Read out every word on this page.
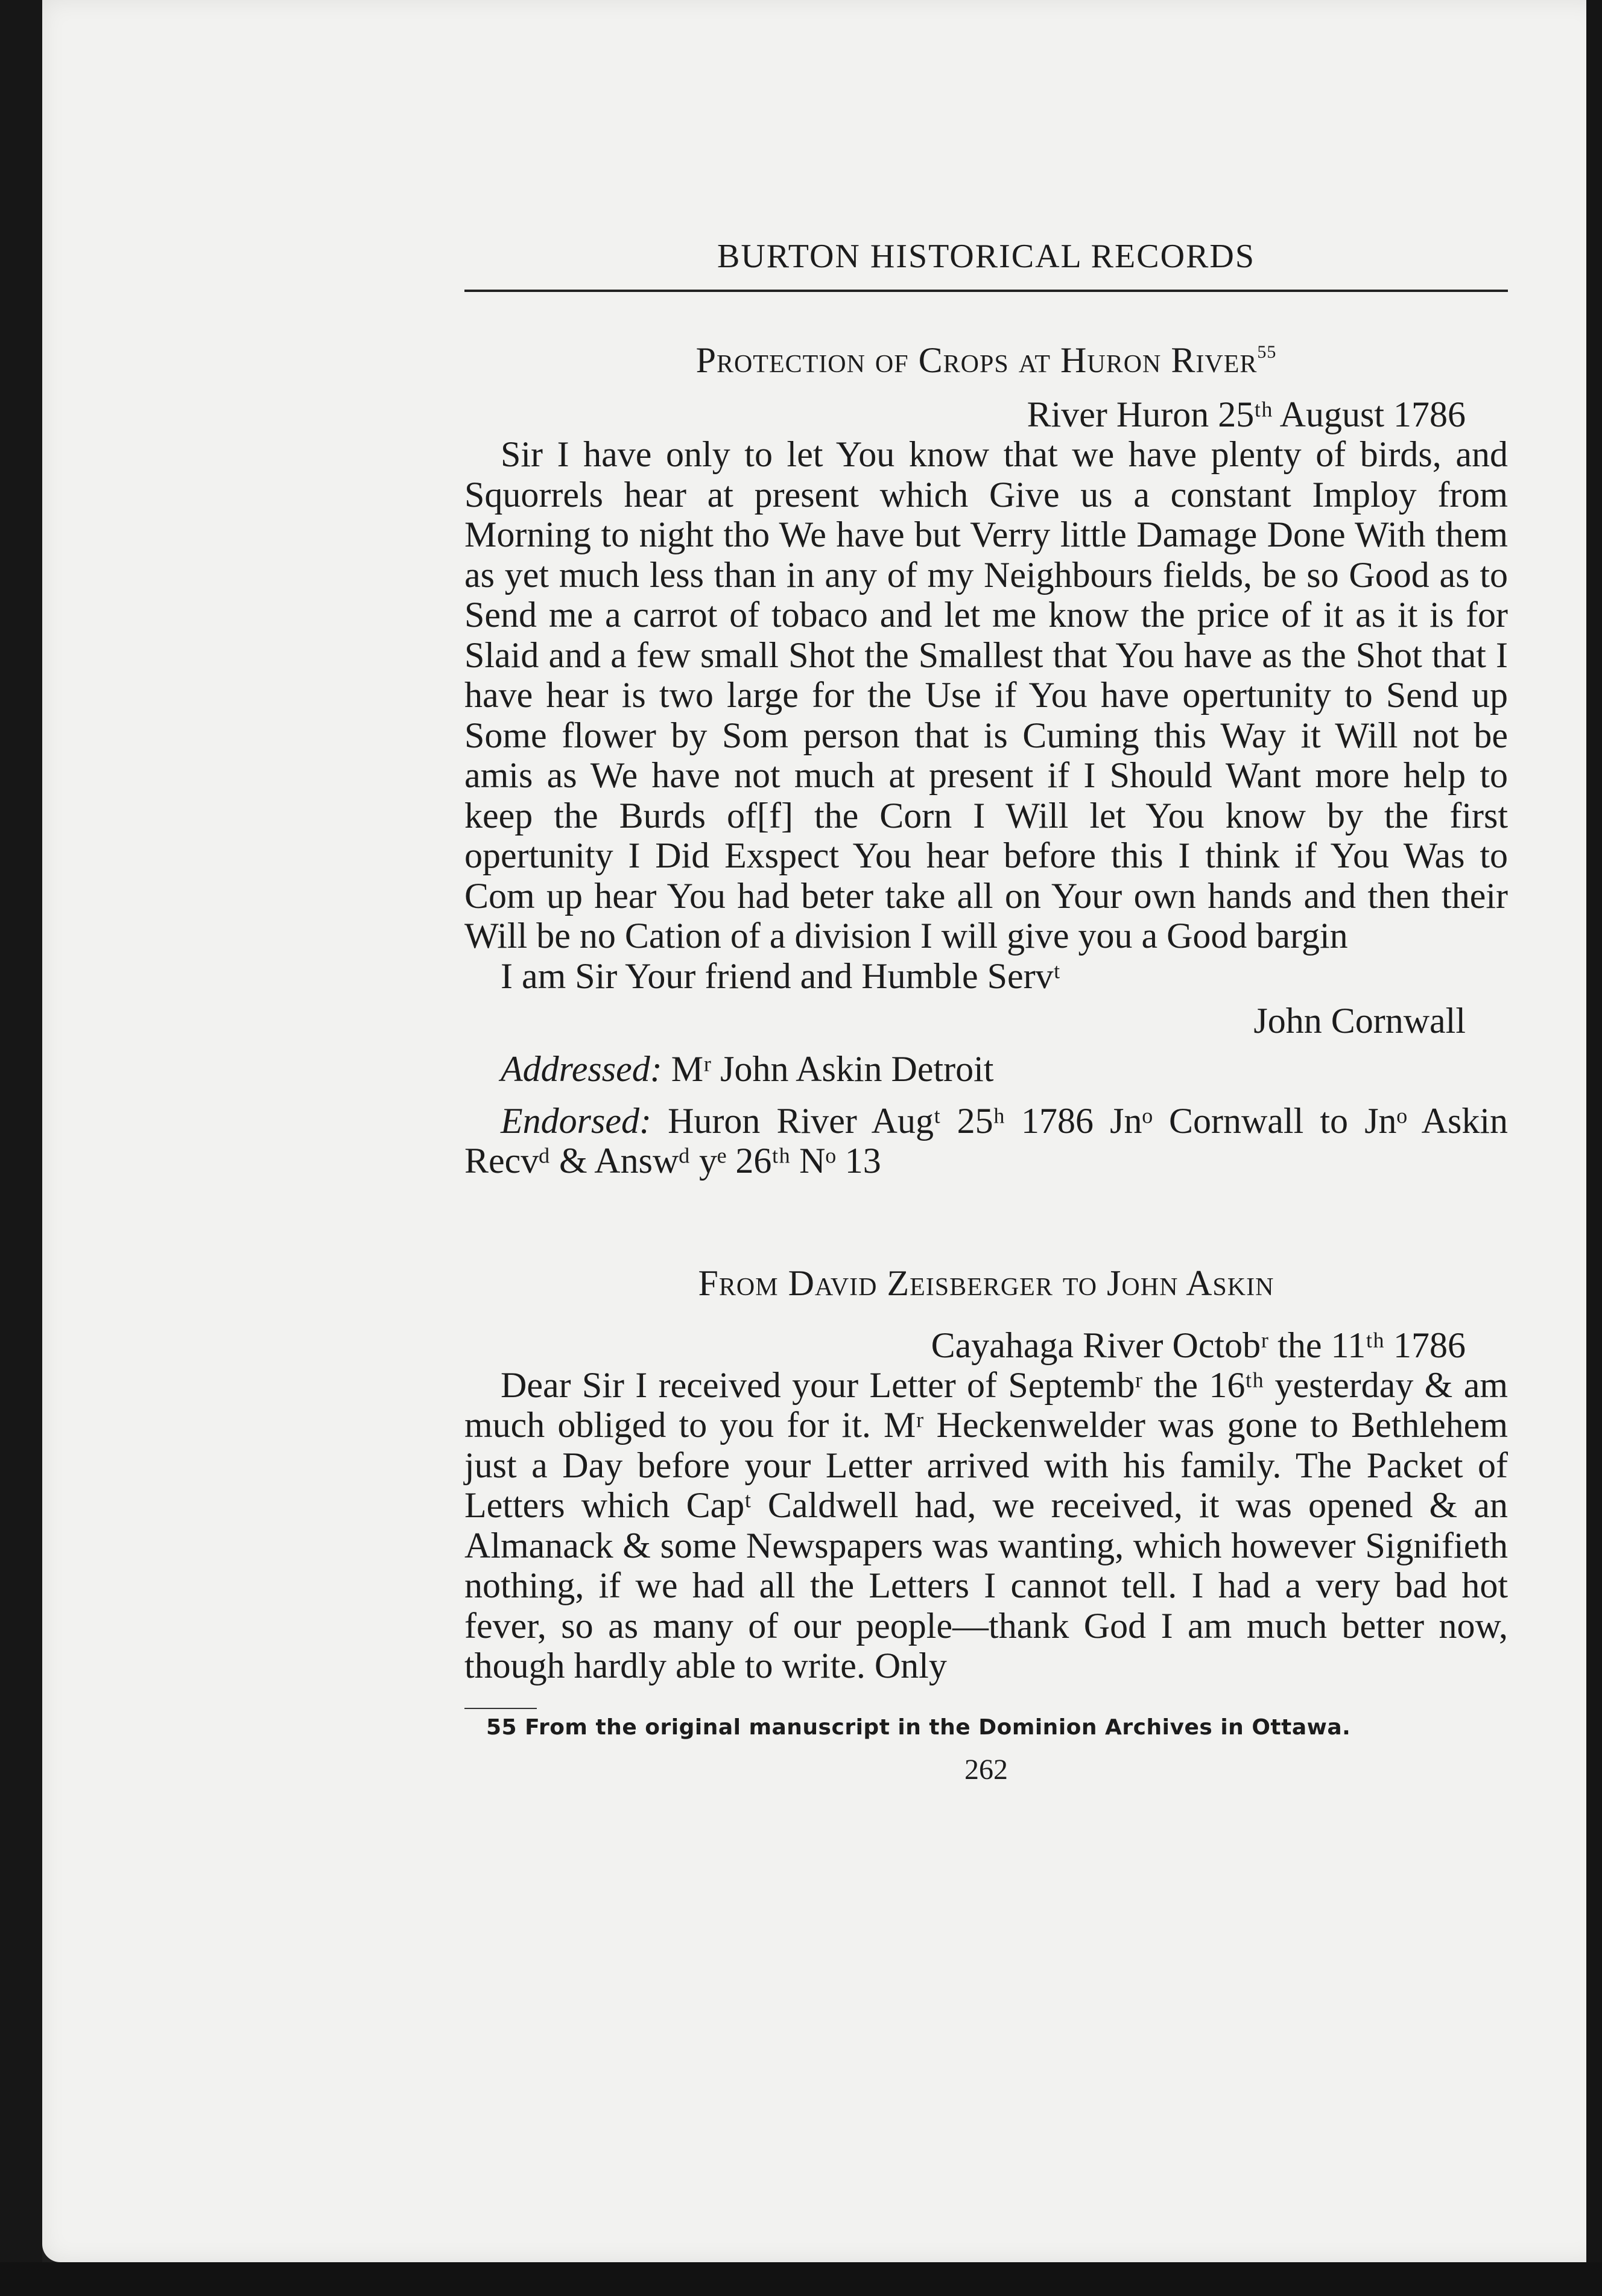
BURTON HISTORICAL RECORDS
Protection of Crops at Huron River$^{55}$
River Huron 25ᵗʰ August 1786

Sir I have only to let You know that we have plenty of birds, and Squorrels hear at present which Give us a constant Imploy from Morning to night tho We have but Verry little Damage Done With them as yet much less than in any of my Neighbours fields, be so Good as to Send me a carrot of tobaco and let me know the price of it as it is for Slaid and a few small Shot the Smallest that You have as the Shot that I have hear is two large for the Use if You have opertunity to Send up Some flower by Som person that is Cuming this Way it Will not be amis as We have not much at present if I Should Want more help to keep the Burds of[f] the Corn I Will let You know by the first opertunity I Did Exspect You hear before this I think if You Was to Com up hear You had beter take all on Your own hands and then their Will be no Cation of a division I will give you a Good bargin

I am Sir Your friend and Humble Servᵗ
John Cornwall
Addressed: Mʳ John Askin Detroit
Endorsed: Huron River Augᵗ 25ʰ 1786 Jnᵒ Cornwall to Jnᵒ Askin Recvᵈ & Answᵈ yᵉ 26ᵗʰ Nᵒ 13
From David Zeisberger to John Askin
Cayahaga River Octobʳ the 11ᵗʰ 1786

Dear Sir I received your Letter of Septembʳ the 16ᵗʰ yesterday & am much obliged to you for it. Mʳ Heckenwelder was gone to Bethlehem just a Day before your Letter arrived with his family. The Packet of Letters which Capᵗ Caldwell had, we received, it was opened & an Almanack & some Newspapers was wanting, which however Signifieth nothing, if we had all the Letters I cannot tell. I had a very bad hot fever, so as many of our people—thank God I am much better now, though hardly able to write. Only

55 From the original manuscript in the Dominion Archives in Ottawa.
262
